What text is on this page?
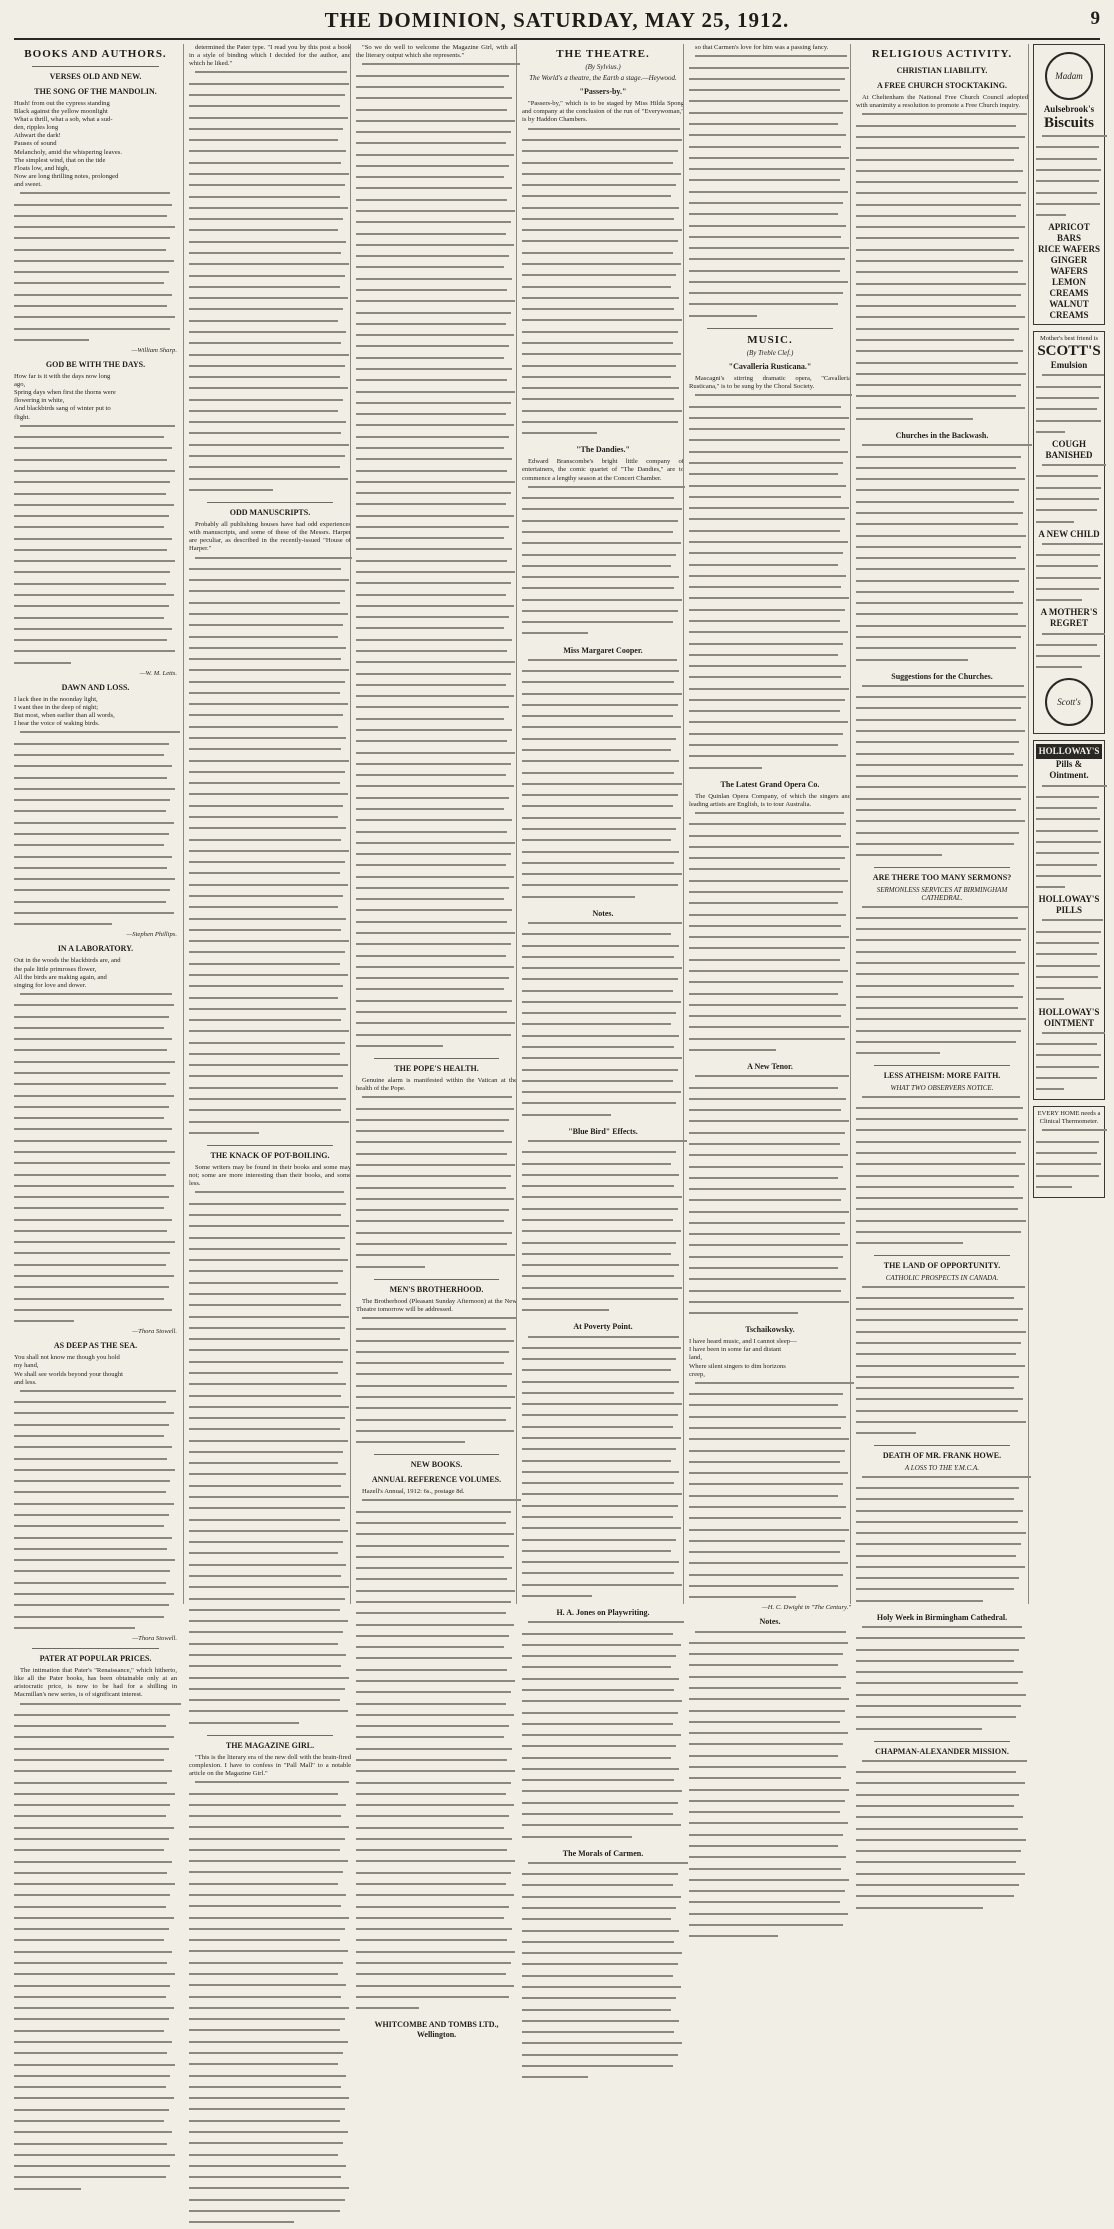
THE DOMINION, SATURDAY, MAY 25, 1912.	9
BOOKS AND AUTHORS.
VERSES OLD AND NEW.
THE SONG OF THE MANDOLIN.
Hush! from out the cypress standing
Black against the yellow moonlight
What a thrill, what a sob, what a sud-
den, ripples long
Athwart the dark!
Pauses of sound
Melancholy, amid the whispering leaves.
The simplest wind, that on the tide
Floats low, and high,
Now are long thrilling notes, prolonged
and sweet.
—William Sharp.
GOD BE WITH THE DAYS.
How far is it with the days now long
ago,
Spring days when first the thorns were
flowering in white,
And blackbirds sang of winter put to
flight.
—W. M. Letts.
DAWN AND LOSS.
I lack thee in the noonday light,
I want thee in the deep of night;
But most, when earlier than all words,
I hear the voice of waking birds.
—Stephen Phillips.
IN A LABORATORY.
Out in the woods the blackbirds are, and
the pale little primroses flower,
All the birds are making again, and
singing for love and dower.
—Thora Stowell.
AS DEEP AS THE SEA.
You shall not know me though you hold
my hand,
We shall see worlds beyond your thought
and less.
—Thora Stowell.
PATER AT POPULAR PRICES.

The intimation that Pater's "Renaissance," which hitherto, like all the Pater books, has been obtainable only at an aristocratic price, is now to be had for a shilling in Macmillan's new series, is of significant interest.

determined the Pater type. "I read you by this post a book in a style of binding which I decided for the author, and which he liked."

ODD MANUSCRIPTS.

Probably all publishing houses have had odd experiences with manuscripts, and some of these of the Messrs. Harper are peculiar, as described in the recently-issued "House of Harper."

THE KNACK OF POT-BOILING.

Some writers may be found in their books and some may not; some are more interesting than their books, and some less.

THE MAGAZINE GIRL.

"This is the literary era of the new doll with the brain-fired complexion. I have to confess in "Pall Mall" to a notable article on the Magazine Girl."

"So we do well to welcome the Magazine Girl, with all the literary output which she represents."

THE POPE'S HEALTH.

Genuine alarm is manifested within the Vatican at the health of the Pope.

MEN'S BROTHERHOOD.

The Brotherhood (Pleasant Sunday Afternoon) at the New Theatre tomorrow will be addressed.

NEW BOOKS.
ANNUAL REFERENCE VOLUMES.

Hazell's Annual, 1912: 6s., postage 8d.

WHITCOMBE AND TOMBS LTD., Wellington.
THE THEATRE.
(By Sylvius.)
The World's a theatre, the Earth a stage.—Heywood.
"Passers-by."

"Passers-by," which is to be staged by Miss Hilda Spong and company at the conclusion of the run of "Everywoman," is by Haddon Chambers.

"The Dandies."

Edward Branscombe's bright little company of entertainers, the comic quartet of "The Dandies," are to commence a lengthy season at the Concert Chamber.

Miss Margaret Cooper.
Notes.
"Blue Bird" Effects.
At Poverty Point.
H. A. Jones on Playwriting.
The Morals of Carmen.

so that Carmen's love for him was a passing fancy.

MUSIC.
(By Treble Clef.)
"Cavalleria Rusticana."

Mascagni's stirring dramatic opera, "Cavalleria Rusticana," is to be sung by the Choral Society.

The Latest Grand Opera Co.

The Quinlan Opera Company, of which the singers and leading artists are English, is to tour Australia.

A New Tenor.
Tschaikowsky.
I have heard music, and I cannot sleep—
I have been in some far and distant
land,
Where silent singers to dim horizons
creep,
—H. C. Dwight in "The Century."
Notes.
RELIGIOUS ACTIVITY.
CHRISTIAN LIABILITY.
A FREE CHURCH STOCKTAKING.

At Cheltenham the National Free Church Council adopted with unanimity a resolution to promote a Free Church inquiry.

Churches in the Backwash.
Suggestions for the Churches.
ARE THERE TOO MANY SERMONS?
SERMONLESS SERVICES AT BIRMINGHAM CATHEDRAL.
LESS ATHEISM: MORE FAITH.
WHAT TWO OBSERVERS NOTICE.
THE LAND OF OPPORTUNITY.
CATHOLIC PROSPECTS IN CANADA.
DEATH OF MR. FRANK HOWE.
A LOSS TO THE Y.M.C.A.
Holy Week in Birmingham Cathedral.
CHAPMAN-ALEXANDER MISSION.
Madam
Aulsebrook's
Biscuits
APRICOT BARS
RICE WAFERS
GINGER WAFERS
LEMON CREAMS
WALNUT CREAMS
Mother's best friend is
SCOTT'S
Emulsion
COUGH BANISHED
A NEW CHILD
A MOTHER'S REGRET
Scott's
HOLLOWAY'S
Pills & Ointment.
HOLLOWAY'S PILLS
HOLLOWAY'S OINTMENT
EVERY HOME needs a Clinical Thermometer.
